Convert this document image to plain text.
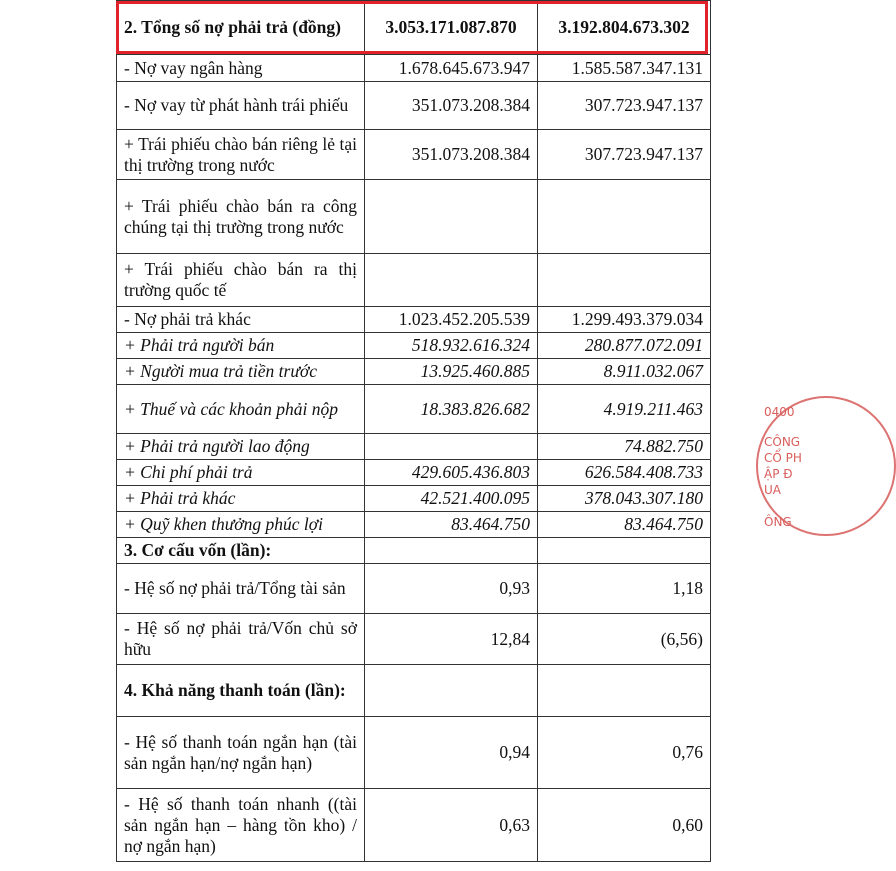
2. Tổng số nợ phải trả (đồng)	3.053.171.087.870	3.192.804.673.302
- Nợ vay ngân hàng	1.678.645.673.947	1.585.587.347.131
- Nợ vay từ phát hành trái phiếu	351.073.208.384	307.723.947.137
+ Trái phiếu chào bán riêng lẻ tại thị trường trong nước	351.073.208.384	307.723.947.137
+ Trái phiếu chào bán ra công chúng tại thị trường trong nước		
+ Trái phiếu chào bán ra thị trường quốc tế		
- Nợ phải trả khác	1.023.452.205.539	1.299.493.379.034
+ Phải trả người bán	518.932.616.324	280.877.072.091
+ Người mua trả tiền trước	13.925.460.885	8.911.032.067
+ Thuế và các khoản phải nộp	18.383.826.682	4.919.211.463
+ Phải trả người lao động		74.882.750
+ Chi phí phải trả	429.605.436.803	626.584.408.733
+ Phải trả khác	42.521.400.095	378.043.307.180
+ Quỹ khen thưởng phúc lợi	83.464.750	83.464.750
3. Cơ cấu vốn (lần):		
- Hệ số nợ phải trả/Tổng tài sản	0,93	1,18
- Hệ số nợ phải trả/Vốn chủ sở hữu	12,84	(6,56)
4. Khả năng thanh toán (lần):		
- Hệ số thanh toán ngắn hạn (tài sản ngắn hạn/nợ ngắn hạn)	0,94	0,76
- Hệ số thanh toán nhanh ((tài sản ngắn hạn – hàng tồn kho) / nợ ngắn hạn)	0,63	0,60
0400
CÔNG
CỔ PH
ẬP Đ
UA
ÔNG
